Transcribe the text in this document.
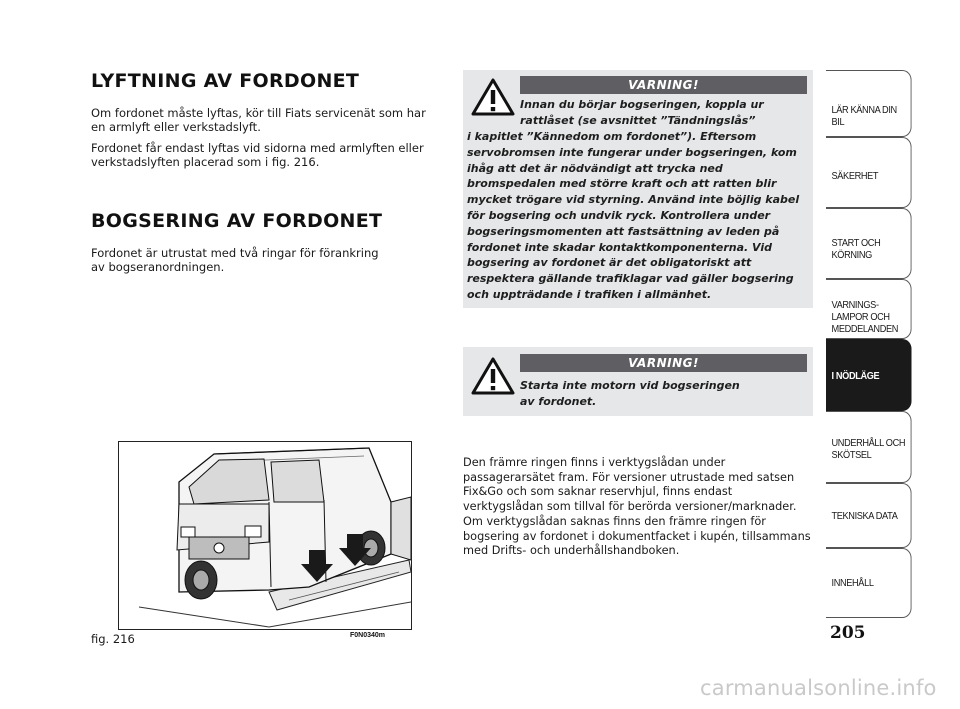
LYFTNING AV FORDONET

Om fordonet måste lyftas, kör till Fiats servicenät som har en armlyft eller verkstadslyft.

Fordonet får endast lyftas vid sidorna med armlyften eller verkstadslyften placerad som i fig. 216.

BOGSERING AV FORDONET

Fordonet är utrustat med två ringar för förankring av bogseranordningen.

fig. 216	F0N0340m
VARNING!
Innan du börjar bogseringen, koppla ur rattlåset (se avsnittet ”Tändningslås”
i kapitlet ”Kännedom om fordonet”). Eftersom servobromsen inte fungerar under bogseringen, kom ihåg att det är nödvändigt att trycka ned bromspedalen med större kraft och att ratten blir mycket trögare vid styrning. Använd inte böjlig kabel för bogsering och undvik ryck. Kontrollera under bogseringsmomenten att fastsättning av leden på fordonet inte skadar kontaktkomponenterna. Vid bogsering av fordonet är det obligatoriskt att respektera gällande trafiklagar vad gäller bogsering och uppträdande i trafiken i allmänhet.
VARNING!
Starta inte motorn vid bogseringen av fordonet.
Den främre ringen finns i verktygslådan under passagerarsätet fram. För versioner utrustade med satsen Fix&Go och som saknar reservhjul, finns endast verktygslådan som tillval för berörda versioner/marknader. Om verktygslådan saknas finns den främre ringen för bogsering av fordonet i dokumentfacket i kupén, tillsammans med Drifts- och underhållshandboken.
LÄR KÄNNA DIN BIL
SÄKERHET
START OCH KÖRNING
VARNINGS- LAMPOR OCH MEDDELANDEN
I NÖDLÄGE
UNDERHÅLL OCH SKÖTSEL
TEKNISKA DATA
INNEHÅLL
205
carmanualsonline.info
